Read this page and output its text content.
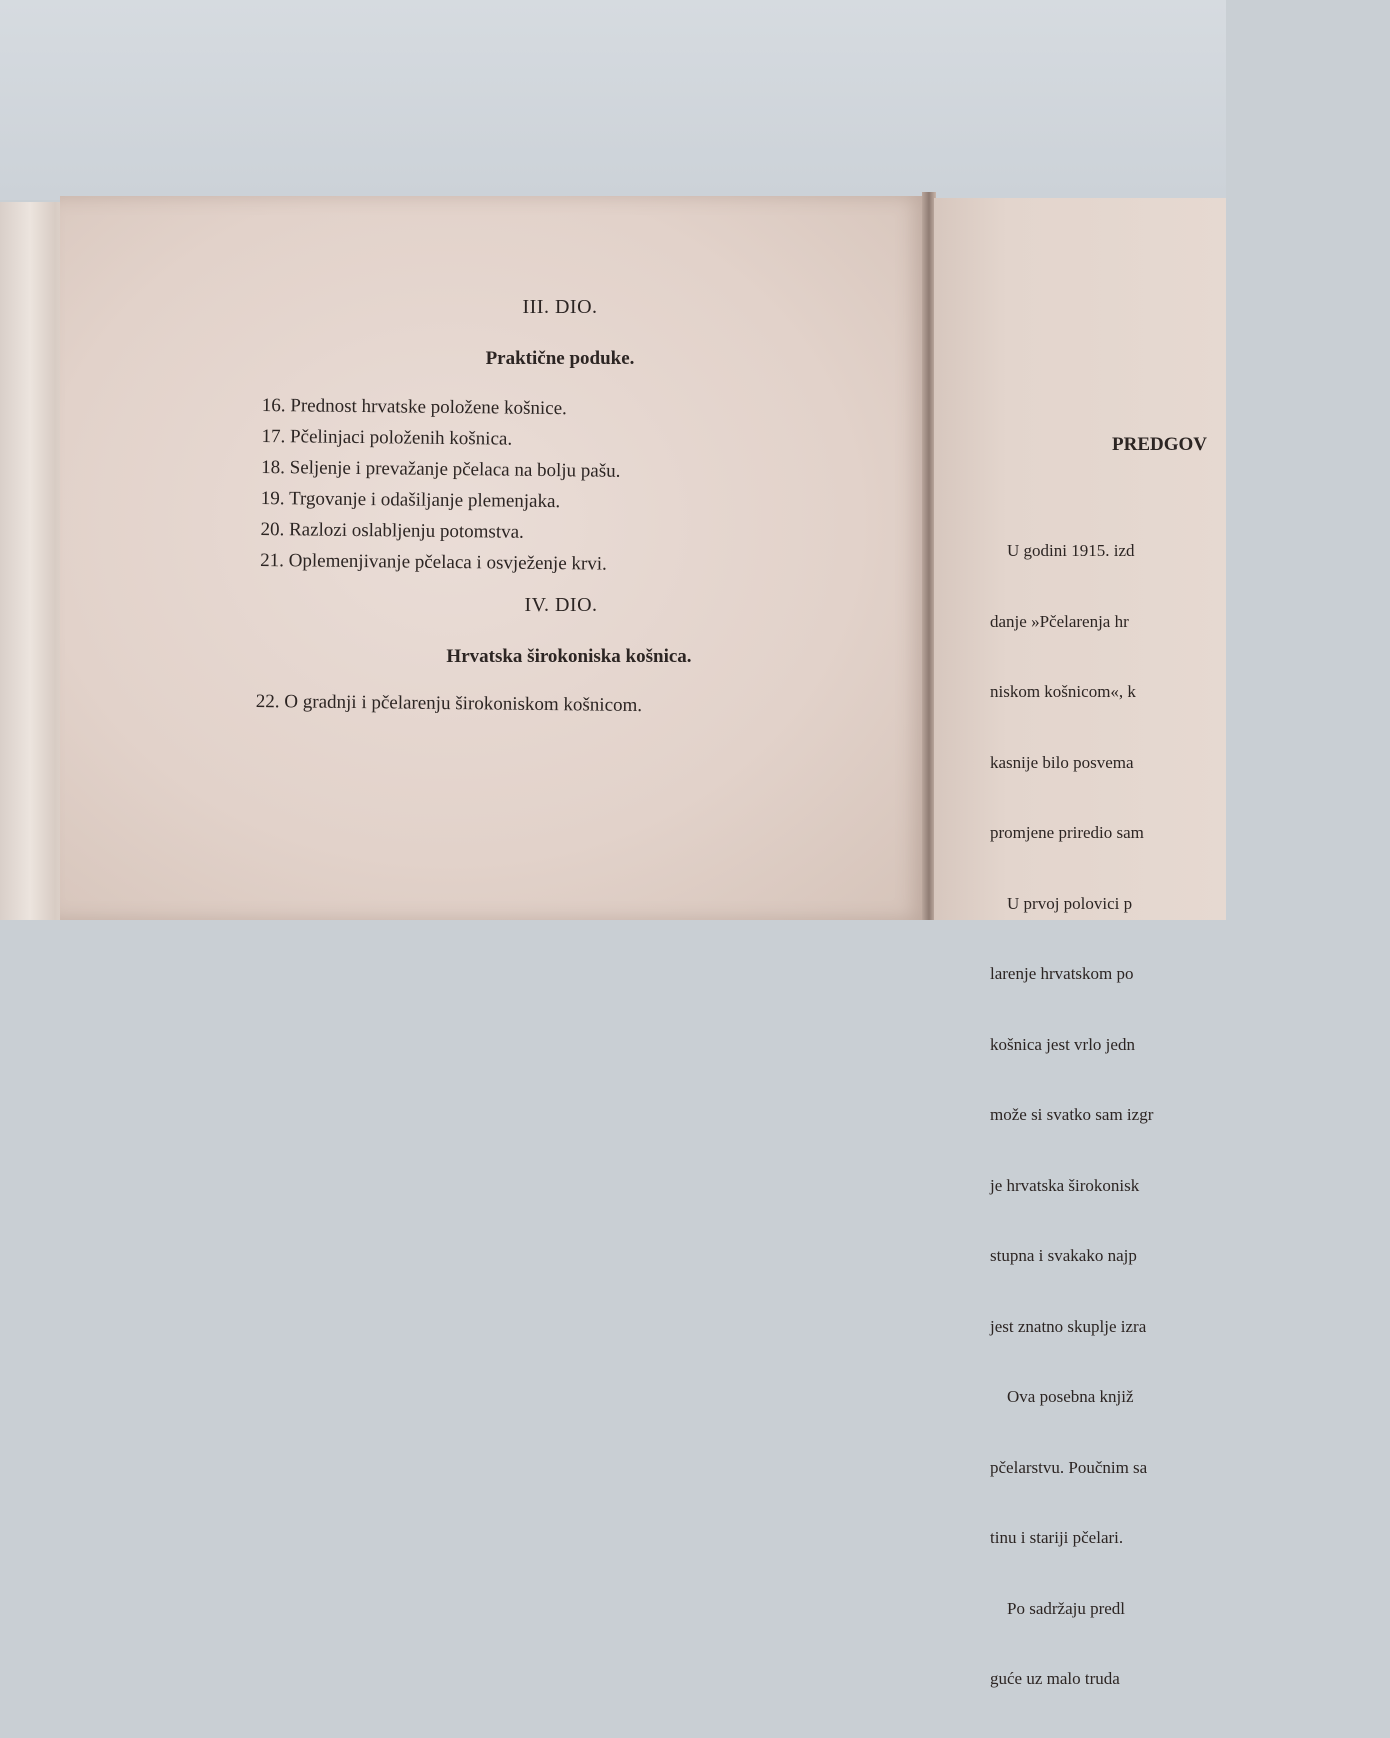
III. DIO.
Praktične poduke.
16. Prednost hrvatske položene košnice.
17. Pčelinjaci položenih košnica.
18. Seljenje i prevažanje pčelaca na bolju pašu.
19. Trgovanje i odašiljanje plemenjaka.
20. Razlozi oslabljenju potomstva.
21. Oplemenjivanje pčelaca i osvježenje krvi.
IV. DIO.
Hrvatska širokoniska košnica.
22. O gradnji i pčelarenju širokoniskom košnicom.
PREDGOV

U godini 1915. izd

danje »Pčelarenja hr

niskom košnicom«, k

kasnije bilo posvema

promjene priredio sam

U prvoj polovici p

larenje hrvatskom po

košnica jest vrlo jedn

može si svatko sam izgr

je hrvatska širokonisk

stupna i svakako najp

jest znatno skuplje izra

Ova posebna knjiž

pčelarstvu. Poučnim sa

tinu i stariji pčelari.

Po sadržaju predl

guće uz malo truda
